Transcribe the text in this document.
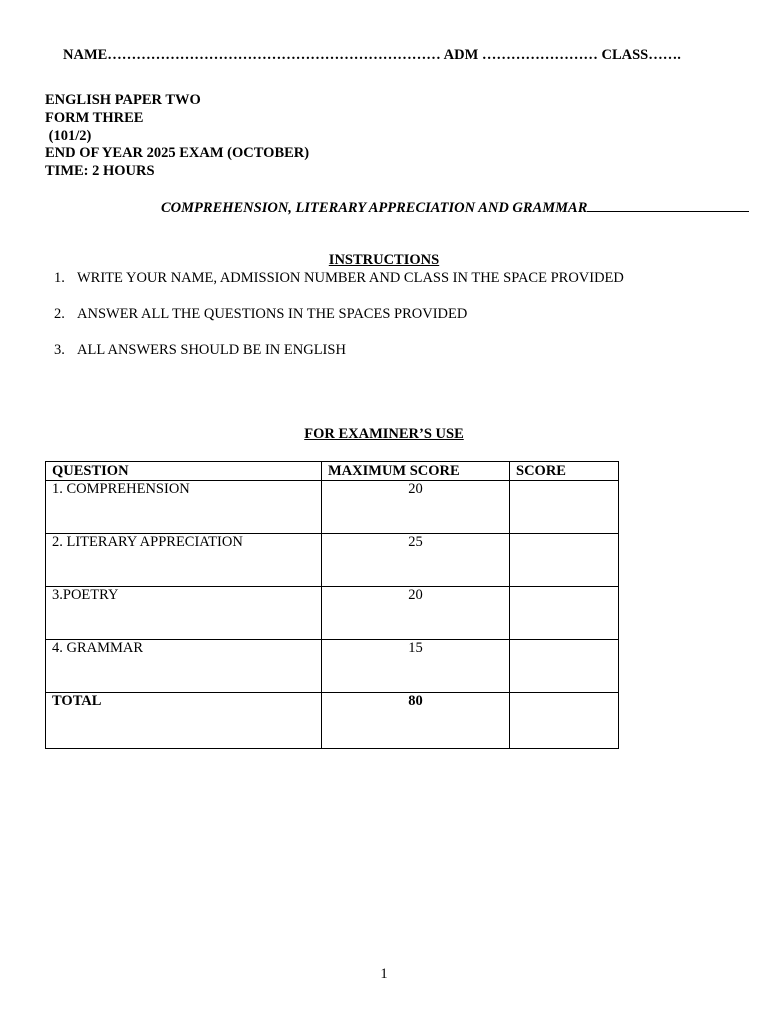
NAME…………………………………………………………… ADM …………………… CLASS…….
ENGLISH PAPER TWO
FORM THREE
(101/2)
END OF YEAR 2025 EXAM (OCTOBER)
TIME: 2 HOURS
COMPREHENSION, LITERARY APPRECIATION AND GRAMMAR
INSTRUCTIONS
1. WRITE YOUR NAME, ADMISSION NUMBER AND CLASS IN THE SPACE PROVIDED
2. ANSWER ALL THE QUESTIONS IN THE SPACES PROVIDED
3. ALL ANSWERS SHOULD BE IN ENGLISH
FOR EXAMINER’S USE
QUESTION	MAXIMUM SCORE	SCORE
1. COMPREHENSION	20	
2. LITERARY APPRECIATION	25	
3.POETRY	20	
4. GRAMMAR	15	
TOTAL	80	
1
